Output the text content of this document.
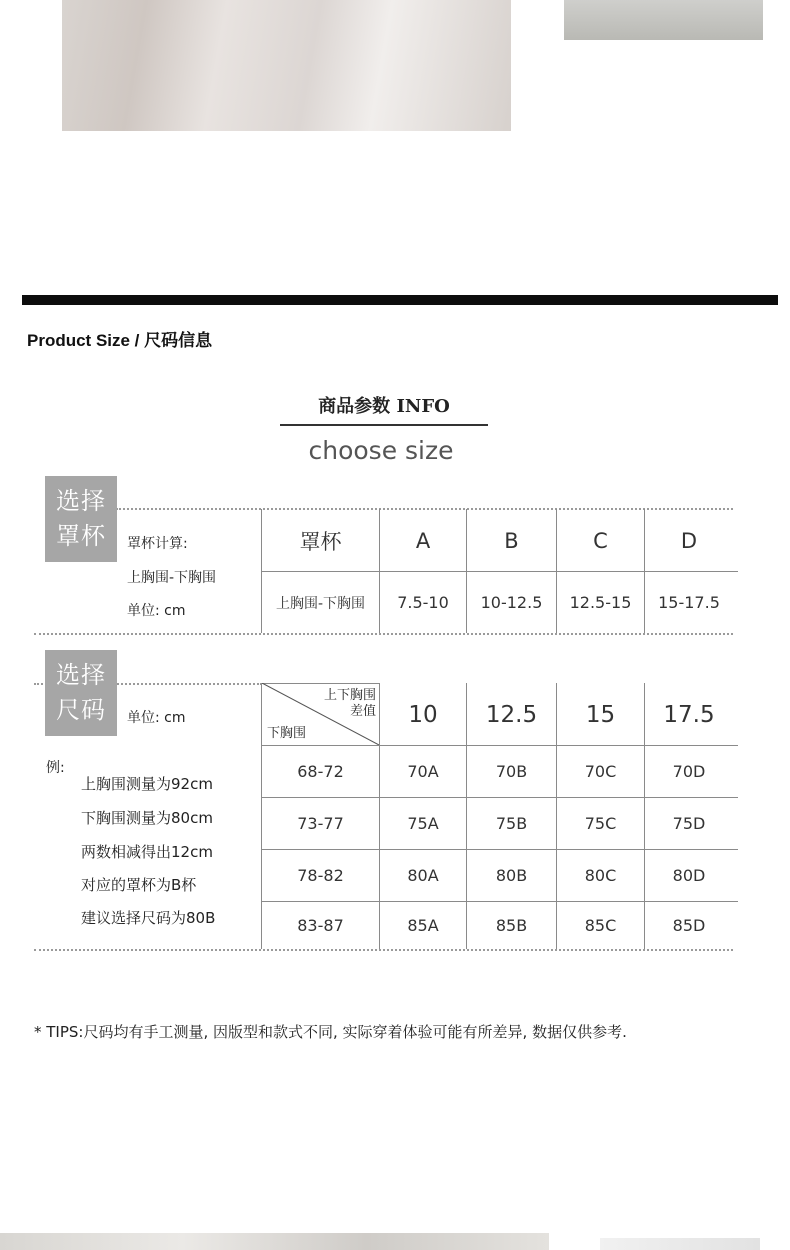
Product Size / 尺码信息
商品参数 INFO
choose size
选择
罩杯	罩杯计算:
上胸围-下胸围
单位: cm
罩杯	A	B	C	D
上胸围-下胸围	7.5-10	10-12.5	12.5-15	15-17.5
选择
尺码	单位: cm
例:
上胸围测量为92cm
下胸围测量为80cm
两数相减得出12cm
对应的罩杯为B杯
建议选择尺码为80B
上下胸围
差值
下胸围
10	12.5	15	17.5
68-72	70A	70B	70C	70D
73-77	75A	75B	75C	75D
78-82	80A	80B	80C	80D
83-87	85A	85B	85C	85D
* TIPS:尺码均有手工测量, 因版型和款式不同, 实际穿着体验可能有所差异, 数据仅供参考.
